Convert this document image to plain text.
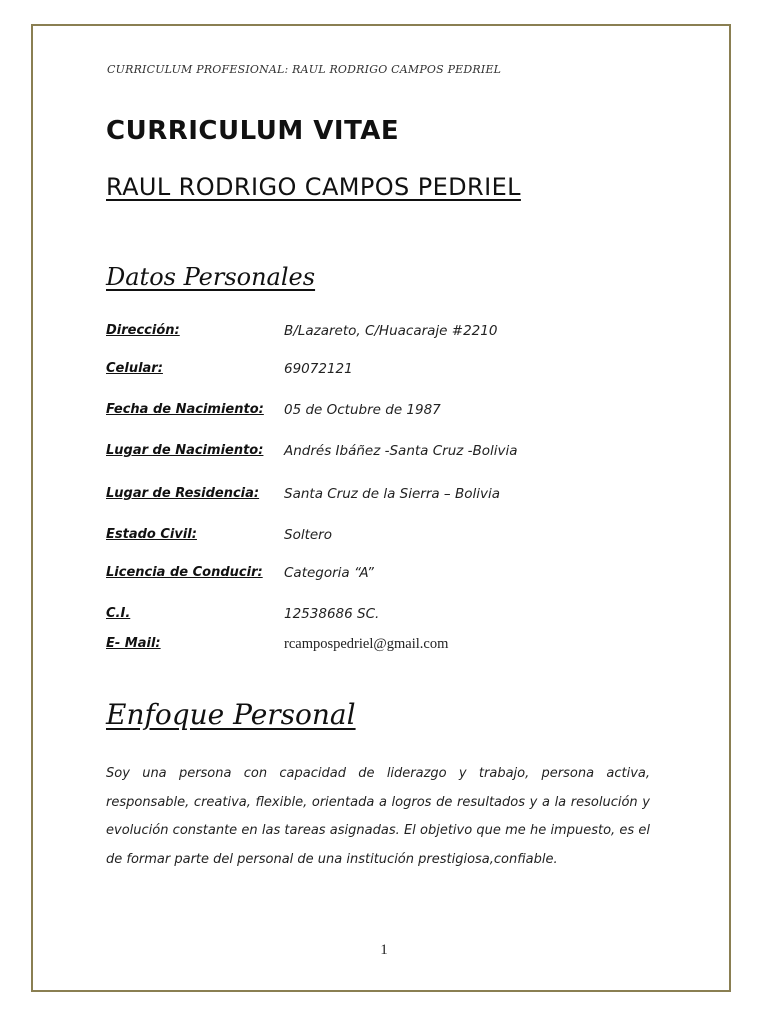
CURRICULUM PROFESIONAL: RAUL RODRIGO CAMPOS PEDRIEL
CURRICULUM VITAE
RAUL RODRIGO CAMPOS PEDRIEL
Datos Personales
Dirección:	B/Lazareto, C/Huacaraje #2210
Celular:	69072121
Fecha de Nacimiento: 05 de Octubre de 1987
Lugar de Nacimiento: Andrés Ibáñez -Santa Cruz -Bolivia
Lugar de Residencia: Santa Cruz de la Sierra – Bolivia
Estado Civil:	Soltero
Licencia de Conducir: Categoria “A”
C.I.	12538686 SC.
E- Mail:	rcampospedriel@gmail.com
Enfoque Personal
Soy una persona con capacidad de liderazgo y trabajo, persona activa, responsable, creativa, flexible, orientada a logros de resultados y a la resolución y evolución constante en las tareas asignadas. El objetivo que me he impuesto, es el de formar parte del personal de una institución prestigiosa,confiable.
1
